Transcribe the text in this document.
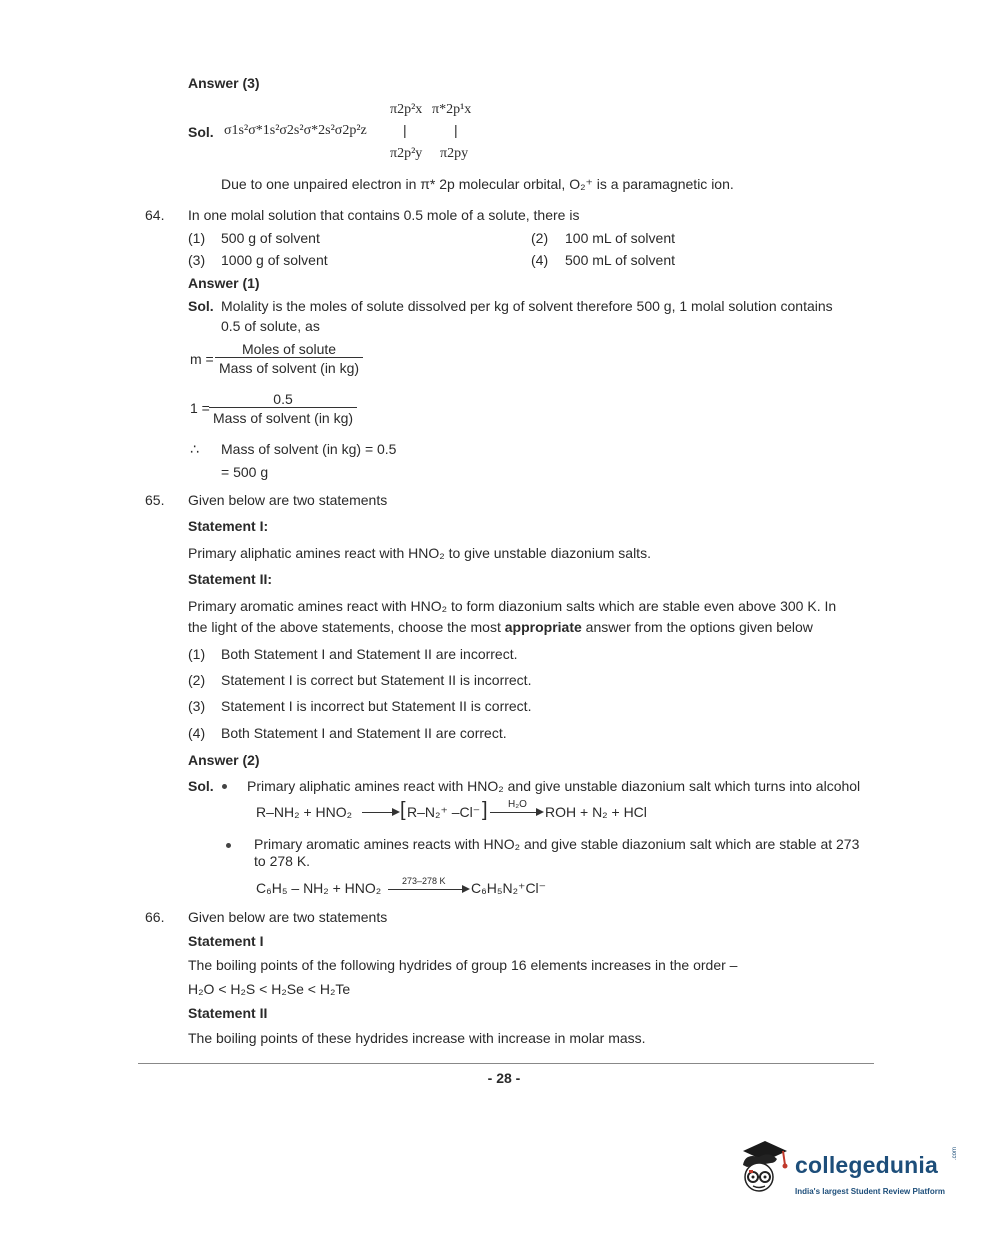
Answer (3)
π2p²x π*2p¹x
Sol. σ1s²σ*1s²σ2s²σ*2s²σ2p²z	|	|
π2p²y π2py
Due to one unpaired electron in π* 2p molecular orbital, O₂⁺ is a paramagnetic ion.
64. In one molal solution that contains 0.5 mole of a solute, there is
(1) 500 g of solvent	(2) 100 mL of solvent
(3) 1000 g of solvent	(4) 500 mL of solvent
Answer (1)
Sol. Molality is the moles of solute dissolved per kg of solvent therefore 500 g, 1 molal solution contains
0.5 of solute, as
m =
Moles of solute
Mass of solvent (in kg)
1 =
0.5
Mass of solvent (in kg)
∴ Mass of solvent (in kg) = 0.5
= 500 g
65. Given below are two statements
Statement I:
Primary aliphatic amines react with HNO₂ to give unstable diazonium salts.
Statement II:
Primary aromatic amines react with HNO₂ to form diazonium salts which are stable even above 300 K. In
the light of the above statements, choose the most appropriate answer from the options given below
(1) Both Statement I and Statement II are incorrect.
(2) Statement I is correct but Statement II is incorrect.
(3) Statement I is incorrect but Statement II is correct.
(4) Both Statement I and Statement II are correct.
Answer (2)
Sol. Primary aliphatic amines react with HNO₂ and give unstable diazonium salt which turns into alcohol
R–NH₂ + HNO₂ [ R–N₂⁺ –Cl⁻ ] H₂O ROH + N₂ + HCl
Primary aromatic amines reacts with HNO₂ and give stable diazonium salt which are stable at 273
to 278 K.
C₆H₅ – NH₂ + HNO₂ 273–278 K C₆H₅N₂⁺Cl⁻
66. Given below are two statements
Statement I
The boiling points of the following hydrides of group 16 elements increases in the order –
H₂O < H₂S < H₂Se < H₂Te
Statement II
The boiling points of these hydrides increase with increase in molar mass.
- 28 -
collegedunia .com
India's largest Student Review Platform
